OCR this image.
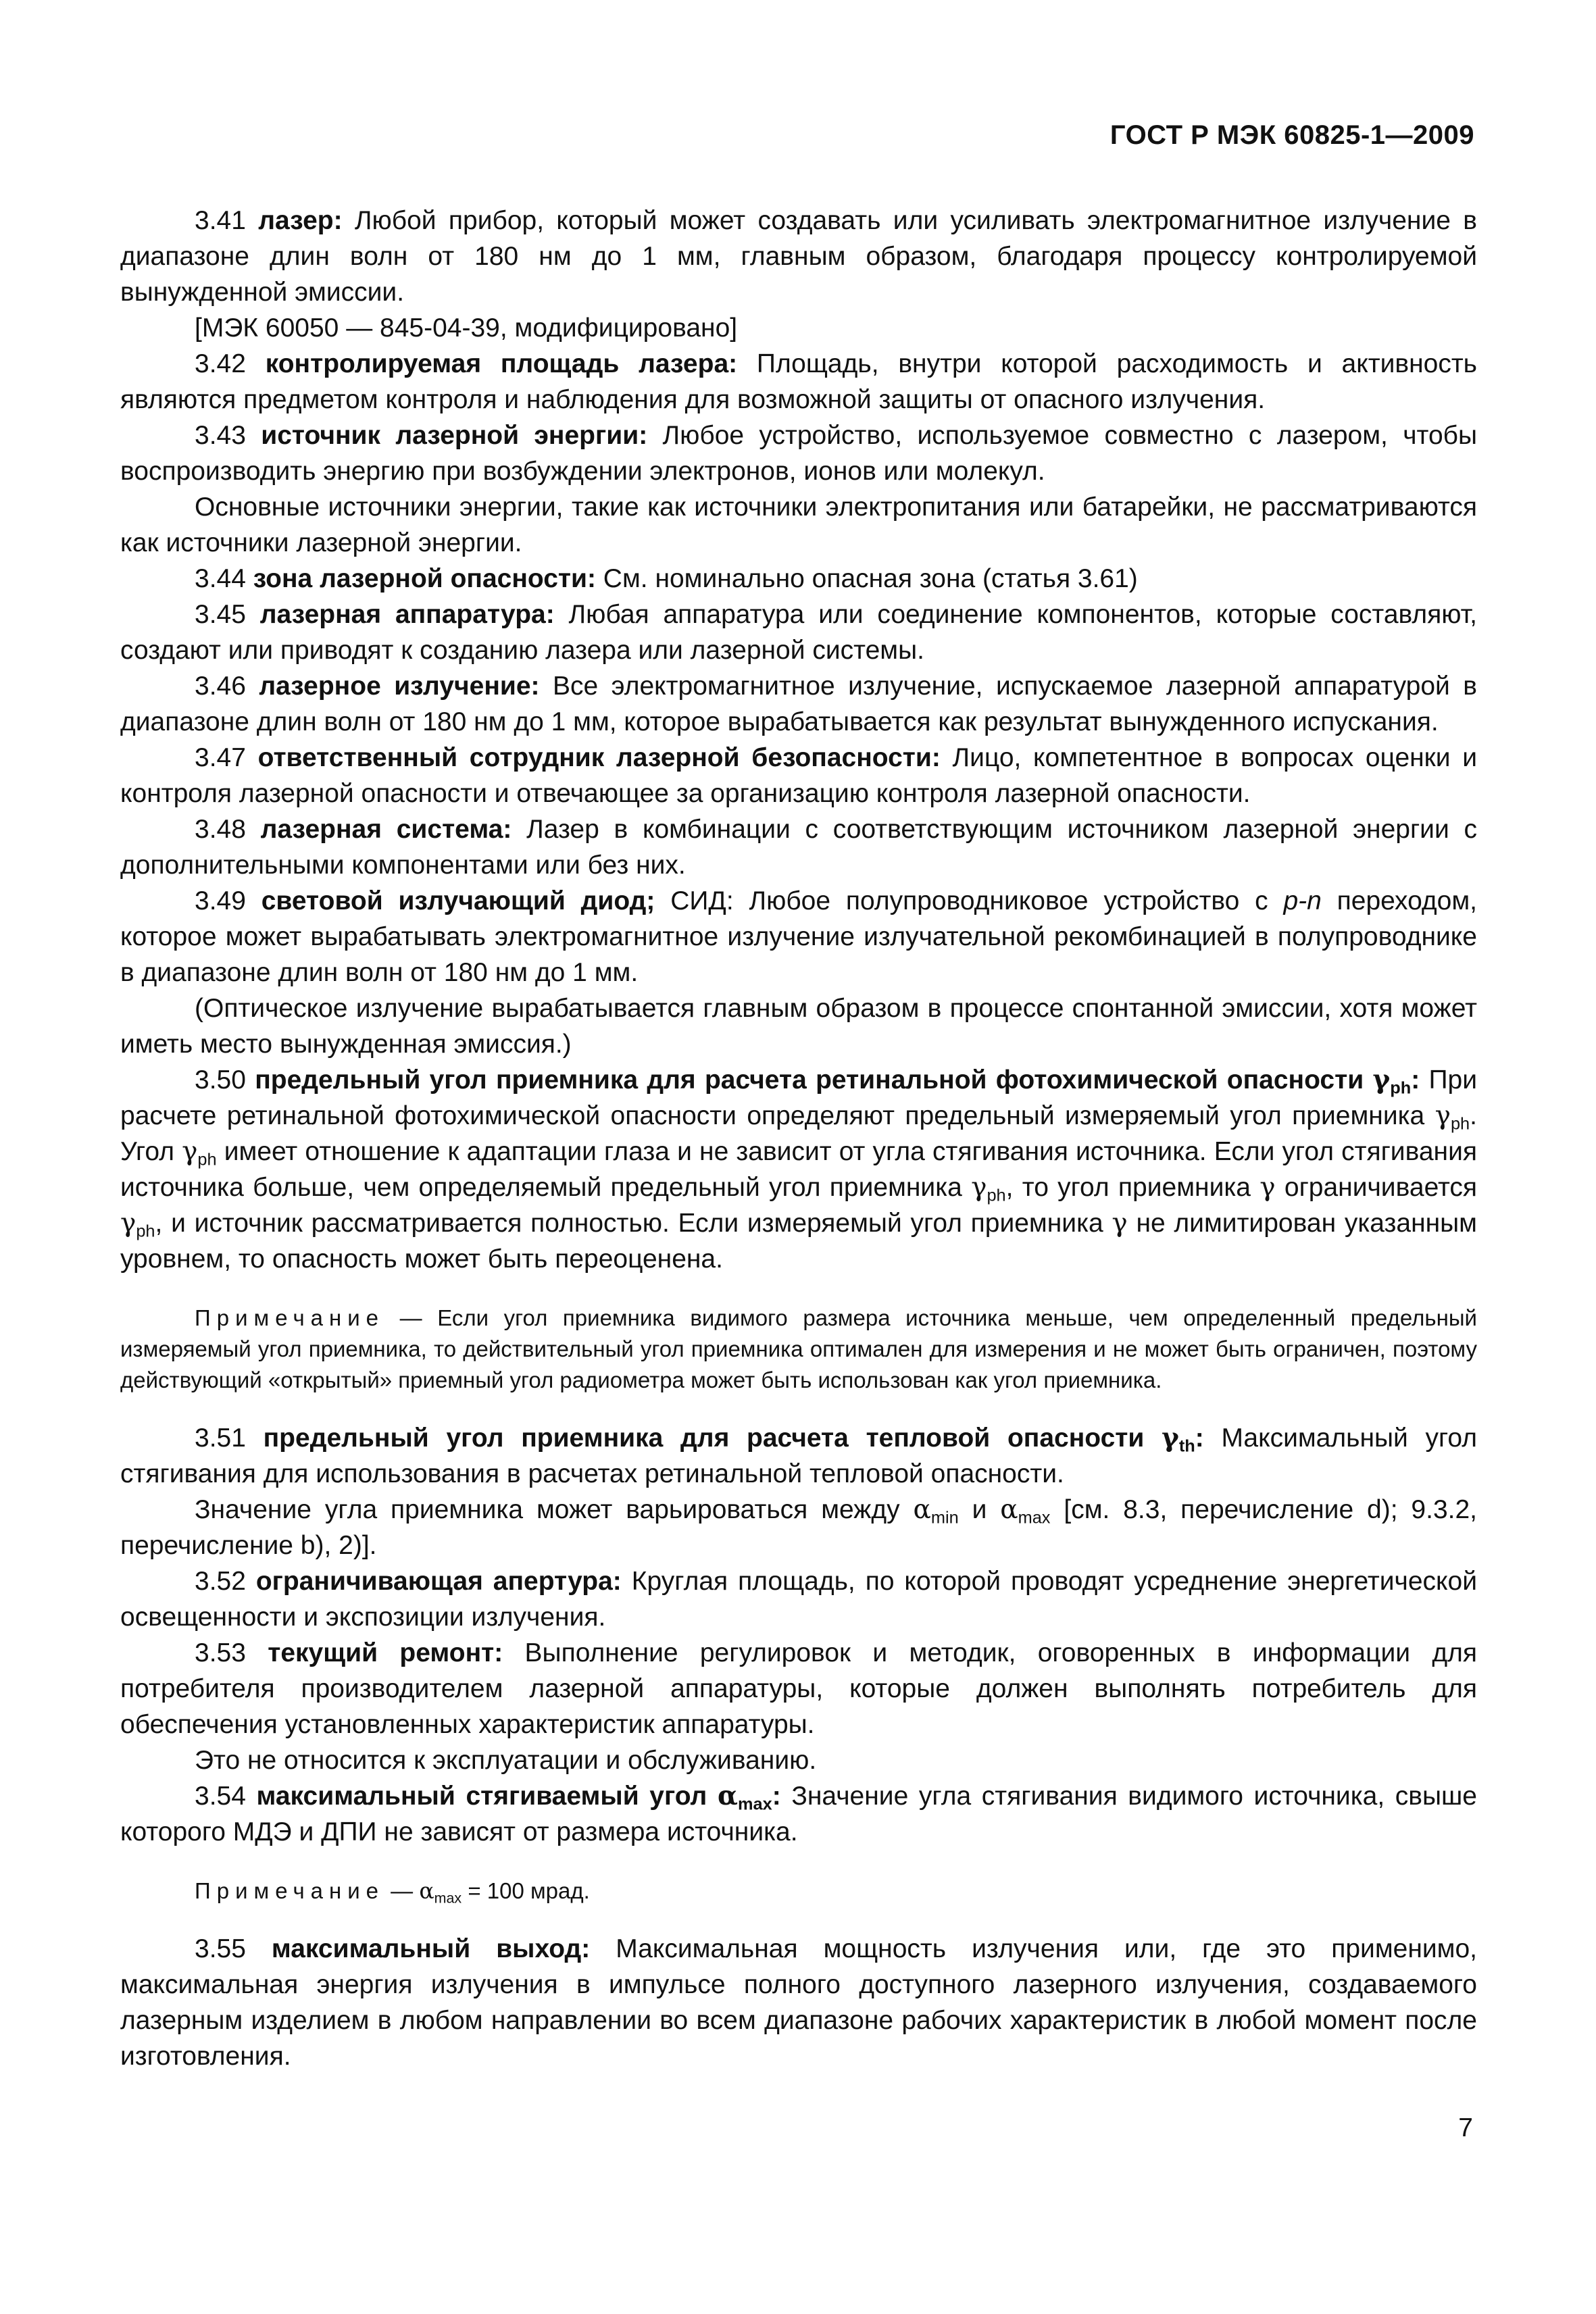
ГОСТ Р МЭК 60825-1—2009

3.41 лазер: Любой прибор, который может создавать или усиливать электромагнитное излучение в диапазоне длин волн от 180 нм до 1 мм, главным образом, благодаря процессу контролируемой вынужденной эмиссии.

[МЭК 60050 — 845-04-39, модифицировано]

3.42 контролируемая площадь лазера: Площадь, внутри которой расходимость и активность являются предметом контроля и наблюдения для возможной защиты от опасного излучения.

3.43 источник лазерной энергии: Любое устройство, используемое совместно с лазером, чтобы воспроизводить энергию при возбуждении электронов, ионов или молекул.

Основные источники энергии, такие как источники электропитания или батарейки, не рассматриваются как источники лазерной энергии.

3.44 зона лазерной опасности: См. номинально опасная зона (статья 3.61)

3.45 лазерная аппаратура: Любая аппаратура или соединение компонентов, которые составляют, создают или приводят к созданию лазера или лазерной системы.

3.46 лазерное излучение: Все электромагнитное излучение, испускаемое лазерной аппаратурой в диапазоне длин волн от 180 нм до 1 мм, которое вырабатывается как результат вынужденного испускания.

3.47 ответственный сотрудник лазерной безопасности: Лицо, компетентное в вопросах оценки и контроля лазерной опасности и отвечающее за организацию контроля лазерной опасности.

3.48 лазерная система: Лазер в комбинации с соответствующим источником лазерной энергии с дополнительными компонентами или без них.

3.49 световой излучающий диод; СИД: Любое полупроводниковое устройство с p-n переходом, которое может вырабатывать электромагнитное излучение излучательной рекомбинацией в полупроводнике в диапазоне длин волн от 180 нм до 1 мм.

(Оптическое излучение вырабатывается главным образом в процессе спонтанной эмиссии, хотя может иметь место вынужденная эмиссия.)

3.50 предельный угол приемника для расчета ретинальной фотохимической опасности $\gamma_{ph}$: При расчете ретинальной фотохимической опасности определяют предельный измеряемый угол приемника $\gamma_{ph}$. Угол $\gamma_{ph}$ имеет отношение к адаптации глаза и не зависит от угла стягивания источника. Если угол стягивания источника больше, чем определяемый предельный угол приемника $\gamma_{ph}$, то угол приемника γ ограничивается $\gamma_{ph}$, и источник рассматривается полностью. Если измеряемый угол приемника γ не лимитирован указанным уровнем, то опасность может быть переоценена.

Примечание — Если угол приемника видимого размера источника меньше, чем определенный предельный измеряемый угол приемника, то действительный угол приемника оптимален для измерения и не может быть ограничен, поэтому действующий «открытый» приемный угол радиометра может быть использован как угол приемника.

3.51 предельный угол приемника для расчета тепловой опасности $\gamma_{th}$: Максимальный угол стягивания для использования в расчетах ретинальной тепловой опасности.

Значение угла приемника может варьироваться между $\alpha_{min}$ и $\alpha_{max}$ [см. 8.3, перечисление d); 9.3.2, перечисление b), 2)].

3.52 ограничивающая апертура: Круглая площадь, по которой проводят усреднение энергетической освещенности и экспозиции излучения.

3.53 текущий ремонт: Выполнение регулировок и методик, оговоренных в информации для потребителя производителем лазерной аппаратуры, которые должен выполнять потребитель для обеспечения установленных характеристик аппаратуры.

Это не относится к эксплуатации и обслуживанию.

3.54 максимальный стягиваемый угол $\alpha_{max}$: Значение угла стягивания видимого источника, свыше которого МДЭ и ДПИ не зависят от размера источника.

Примечание — $\alpha_{max} = 100$ мрад.

3.55 максимальный выход: Максимальная мощность излучения или, где это применимо, максимальная энергия излучения в импульсе полного доступного лазерного излучения, создаваемого лазерным изделием в любом направлении во всем диапазоне рабочих характеристик в любой момент после изготовления.

7
